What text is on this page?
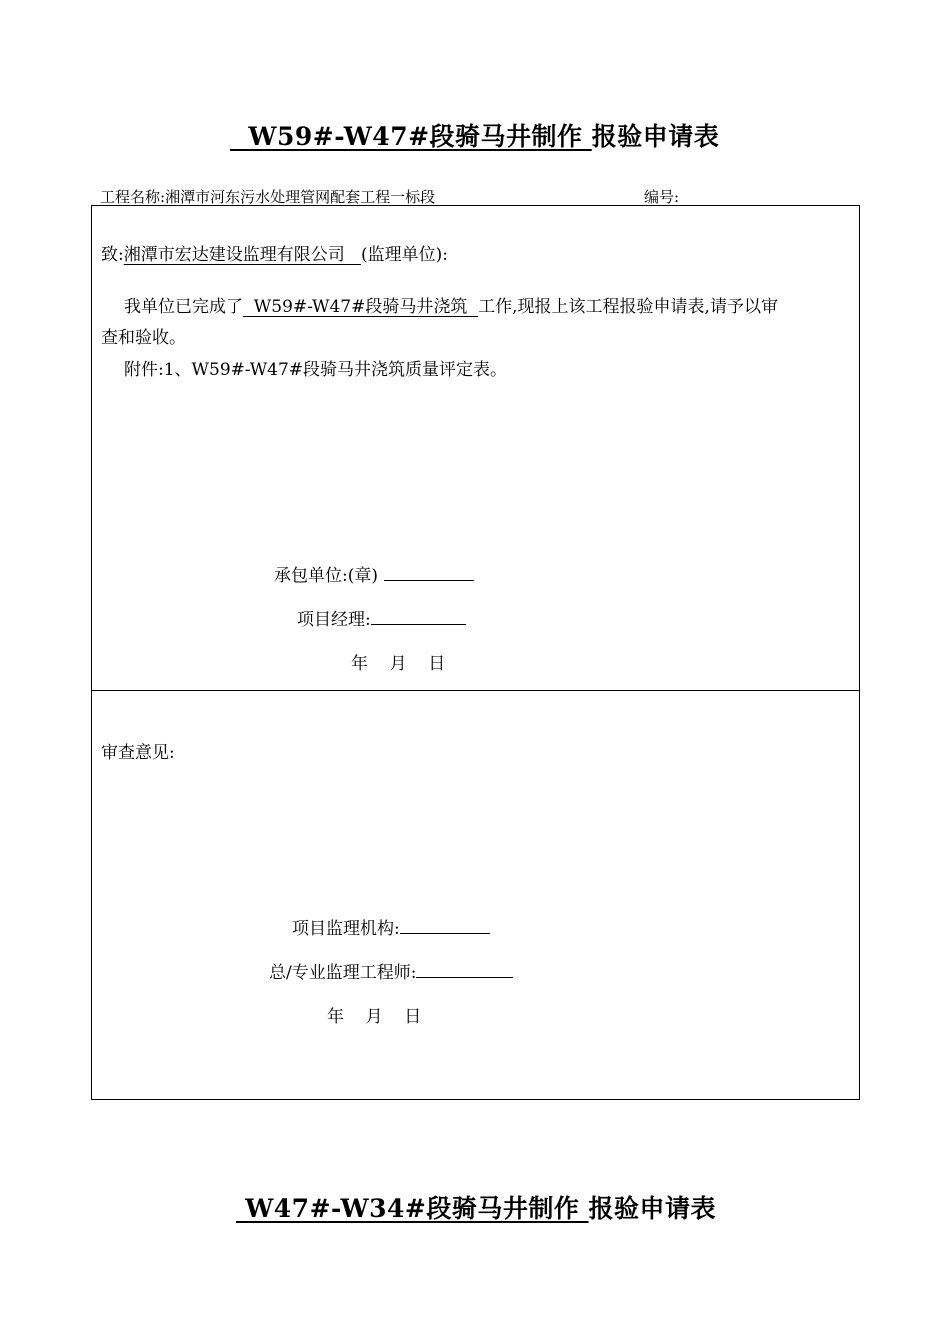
W59#-W47#段骑马井制作 报验申请表
工程名称:湘潭市河东污水处理管网配套工程一标段	编号:
致:湘潭市宏达建设监理有限公司   (监理单位):
我单位已完成了  W59#-W47#段骑马井浇筑  工作,现报上该工程报验申请表,请予以审
查和验收。
附件:1、W59#-W47#段骑马井浇筑质量评定表。
承包单位:(章)
项目经理:
年    月    日
审查意见:
项目监理机构:
总/专业监理工程师:
年    月    日
W47#-W34#段骑马井制作 报验申请表
